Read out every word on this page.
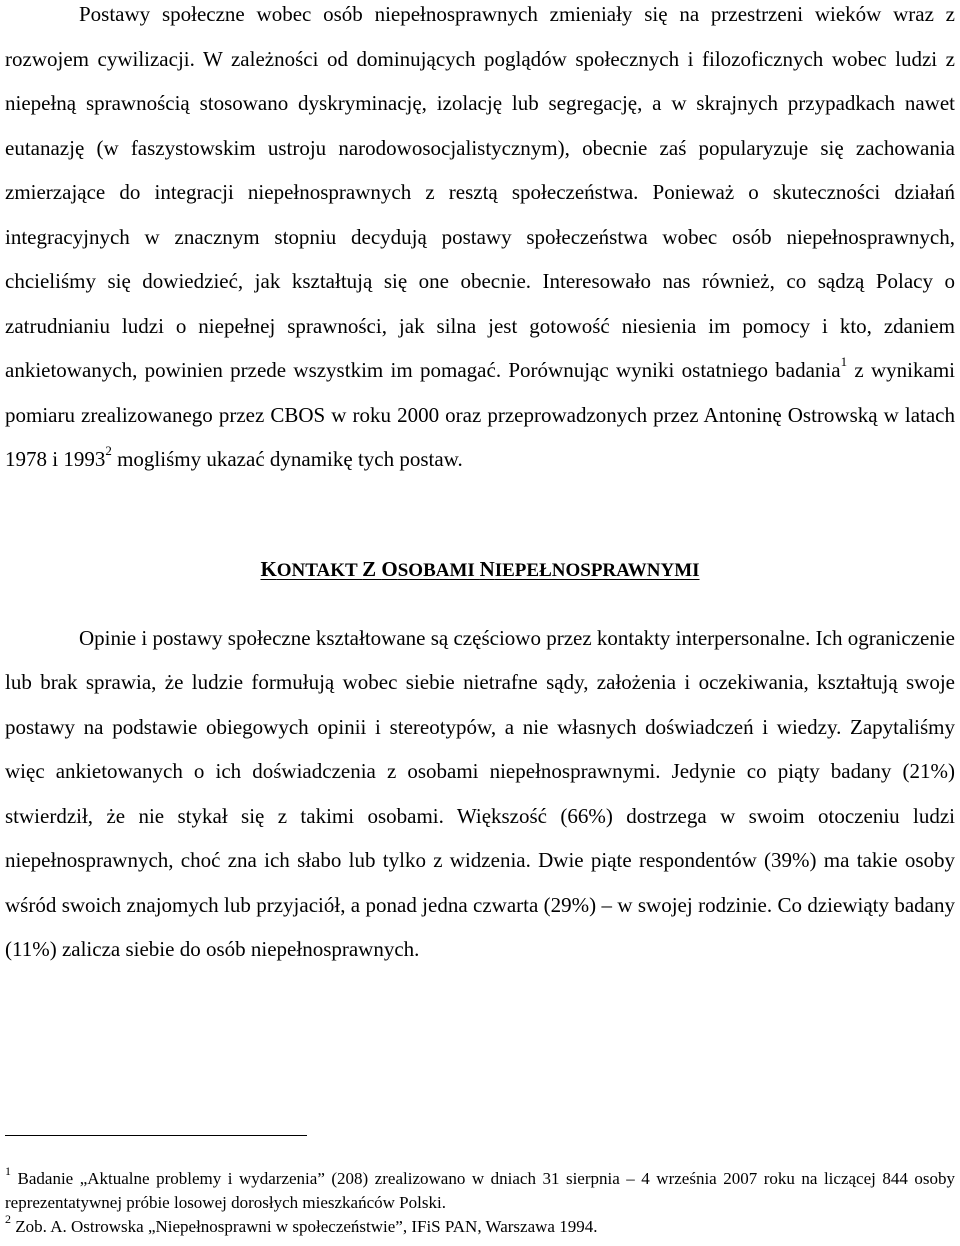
Postawy społeczne wobec osób niepełnosprawnych zmieniały się na przestrzeni wieków wraz z rozwojem cywilizacji. W zależności od dominujących poglądów społecznych i filozoficznych wobec ludzi z niepełną sprawnością stosowano dyskryminację, izolację lub segregację, a w skrajnych przypadkach nawet eutanazję (w faszystowskim ustroju narodowosocjalistycznym), obecnie zaś popularyzuje się zachowania zmierzające do integracji niepełnosprawnych z resztą społeczeństwa. Ponieważ o skuteczności działań integracyjnych w znacznym stopniu decydują postawy społeczeństwa wobec osób niepełnosprawnych, chcieliśmy się dowiedzieć, jak kształtują się one obecnie. Interesowało nas również, co sądzą Polacy o zatrudnianiu ludzi o niepełnej sprawności, jak silna jest gotowość niesienia im pomocy i kto, zdaniem ankietowanych, powinien przede wszystkim im pomagać. Porównując wyniki ostatniego badania$^1$ z wynikami pomiaru zrealizowanego przez CBOS w roku 2000 oraz przeprowadzonych przez Antoninę Ostrowską w latach 1978 i 1993$^2$ mogliśmy ukazać dynamikę tych postaw.

KONTAKT Z OSOBAMI NIEPEŁNOSPRAWNYMI

Opinie i postawy społeczne kształtowane są częściowo przez kontakty interpersonalne. Ich ograniczenie lub brak sprawia, że ludzie formułują wobec siebie nietrafne sądy, założenia i oczekiwania, kształtują swoje postawy na podstawie obiegowych opinii i stereotypów, a nie własnych doświadczeń i wiedzy. Zapytaliśmy więc ankietowanych o ich doświadczenia z osobami niepełnosprawnymi. Jedynie co piąty badany (21%) stwierdził, że nie stykał się z takimi osobami. Większość (66%) dostrzega w swoim otoczeniu ludzi niepełnosprawnych, choć zna ich słabo lub tylko z widzenia. Dwie piąte respondentów (39%) ma takie osoby wśród swoich znajomych lub przyjaciół, a ponad jedna czwarta (29%) – w swojej rodzinie. Co dziewiąty badany (11%) zalicza siebie do osób niepełnosprawnych.

$^1$ Badanie „Aktualne problemy i wydarzenia” (208) zrealizowano w dniach 31 sierpnia – 4 września 2007 roku na liczącej 844 osoby reprezentatywnej próbie losowej dorosłych mieszkańców Polski.

$^2$ Zob. A. Ostrowska „Niepełnosprawni w społeczeństwie”, IFiS PAN, Warszawa 1994.
